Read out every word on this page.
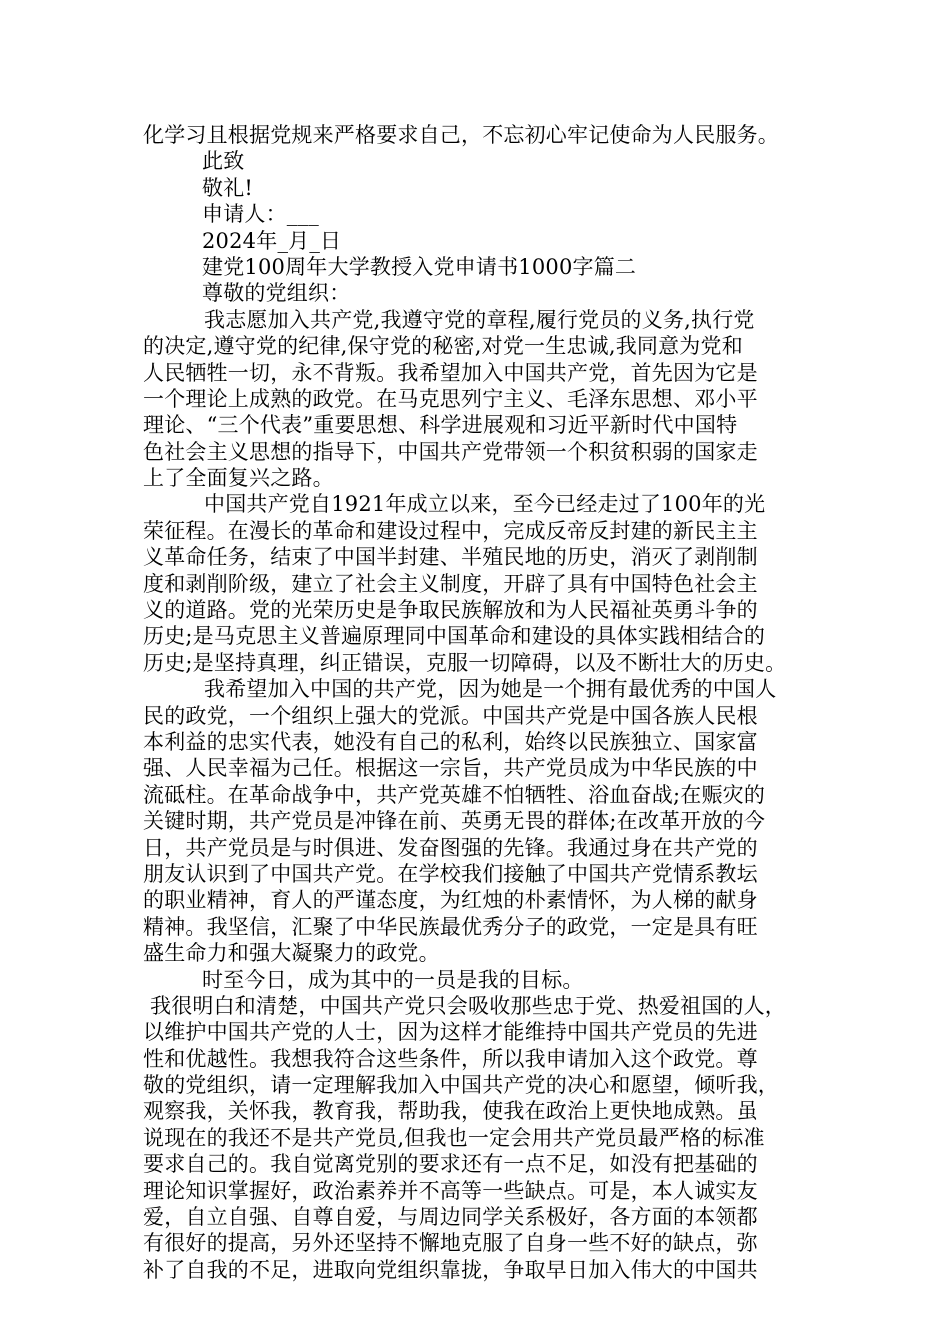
化学习且根据党规来严格要求自己，不忘初心牢记使命为人民服务。
此致
敬礼!
申请人：___
2024年_月_日
建党100周年大学教授入党申请书1000字篇二
尊敬的党组织：
我志愿加入共产党,我遵守党的章程,履行党员的义务,执行党
的决定,遵守党的纪律,保守党的秘密,对党一生忠诚,我同意为党和
人民牺牲一切，永不背叛。我希望加入中国共产党，首先因为它是
一个理论上成熟的政党。在马克思列宁主义、毛泽东思想、邓小平
理论、“三个代表”重要思想、科学进展观和习近平新时代中国特
色社会主义思想的指导下，中国共产党带领一个积贫积弱的国家走
上了全面复兴之路。
中国共产党自1921年成立以来，至今已经走过了100年的光
荣征程。在漫长的革命和建设过程中，完成反帝反封建的新民主主
义革命任务，结束了中国半封建、半殖民地的历史，消灭了剥削制
度和剥削阶级，建立了社会主义制度，开辟了具有中国特色社会主
义的道路。党的光荣历史是争取民族解放和为人民福祉英勇斗争的
历史;是马克思主义普遍原理同中国革命和建设的具体实践相结合的
历史;是坚持真理，纠正错误，克服一切障碍，以及不断壮大的历史。
我希望加入中国的共产党，因为她是一个拥有最优秀的中国人
民的政党，一个组织上强大的党派。中国共产党是中国各族人民根
本利益的忠实代表，她没有自己的私利，始终以民族独立、国家富
强、人民幸福为己任。根据这一宗旨，共产党员成为中华民族的中
流砥柱。在革命战争中，共产党英雄不怕牺牲、浴血奋战;在赈灾的
关键时期，共产党员是冲锋在前、英勇无畏的群体;在改革开放的今
日，共产党员是与时俱进、发奋图强的先锋。我通过身在共产党的
朋友认识到了中国共产党。在学校我们接触了中国共产党情系教坛
的职业精神，育人的严谨态度，为红烛的朴素情怀，为人梯的献身
精神。我坚信，汇聚了中华民族最优秀分子的政党，一定是具有旺
盛生命力和强大凝聚力的政党。
时至今日，成为其中的一员是我的目标。
我很明白和清楚，中国共产党只会吸收那些忠于党、热爱祖国的人，
以维护中国共产党的人士，因为这样才能维持中国共产党员的先进
性和优越性。我想我符合这些条件，所以我申请加入这个政党。尊
敬的党组织，请一定理解我加入中国共产党的决心和愿望，倾听我，
观察我，关怀我，教育我，帮助我，使我在政治上更快地成熟。虽
说现在的我还不是共产党员,但我也一定会用共产党员最严格的标准
要求自己的。我自觉离党别的要求还有一点不足，如没有把基础的
理论知识掌握好，政治素养并不高等一些缺点。可是，本人诚实友
爱，自立自强、自尊自爱，与周边同学关系极好，各方面的本领都
有很好的提高，另外还坚持不懈地克服了自身一些不好的缺点，弥
补了自我的不足，进取向党组织靠拢，争取早日加入伟大的中国共
